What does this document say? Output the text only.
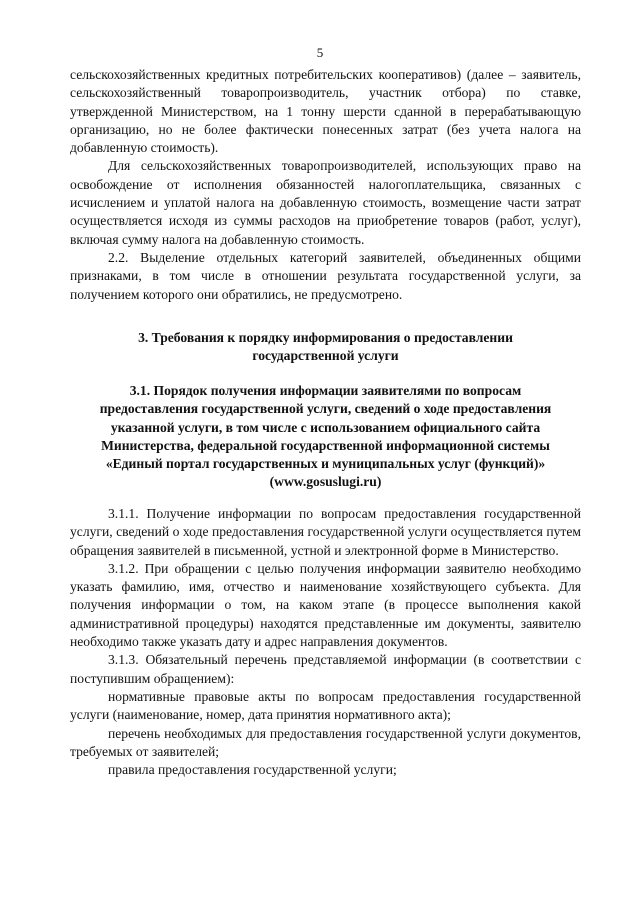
5

сельскохозяйственных кредитных потребительских кооперативов) (далее – заявитель, сельскохозяйственный товаропроизводитель, участник отбора) по ставке, утвержденной Министерством, на 1 тонну шерсти сданной в перерабатывающую организацию, но не более фактически понесенных затрат (без учета налога на добавленную стоимость).

Для сельскохозяйственных товаропроизводителей, использующих право на освобождение от исполнения обязанностей налогоплательщика, связанных с исчислением и уплатой налога на добавленную стоимость, возмещение части затрат осуществляется исходя из суммы расходов на приобретение товаров (работ, услуг), включая сумму налога на добавленную стоимость.

2.2. Выделение отдельных категорий заявителей, объединенных общими признаками, в том числе в отношении результата государственной услуги, за получением которого они обратились, не предусмотрено.

3. Требования к порядку информирования о предоставлении
государственной услуги
3.1. Порядок получения информации заявителями по вопросам
предоставления государственной услуги, сведений о ходе предоставления
указанной услуги, в том числе с использованием официального сайта
Министерства, федеральной государственной информационной системы
«Единый портал государственных и муниципальных услуг (функций)»
(www.gosuslugi.ru)

3.1.1. Получение информации по вопросам предоставления государственной услуги, сведений о ходе предоставления государственной услуги осуществляется путем обращения заявителей в письменной, устной и электронной форме в Министерство.

3.1.2. При обращении с целью получения информации заявителю необходимо указать фамилию, имя, отчество и наименование хозяйствующего субъекта. Для получения информации о том, на каком этапе (в процессе выполнения какой административной процедуры) находятся представленные им документы, заявителю необходимо также указать дату и адрес направления документов.

3.1.3. Обязательный перечень представляемой информации (в соответствии с поступившим обращением):

нормативные правовые акты по вопросам предоставления государственной услуги (наименование, номер, дата принятия нормативного акта);

перечень необходимых для предоставления государственной услуги документов, требуемых от заявителей;

правила предоставления государственной услуги;
